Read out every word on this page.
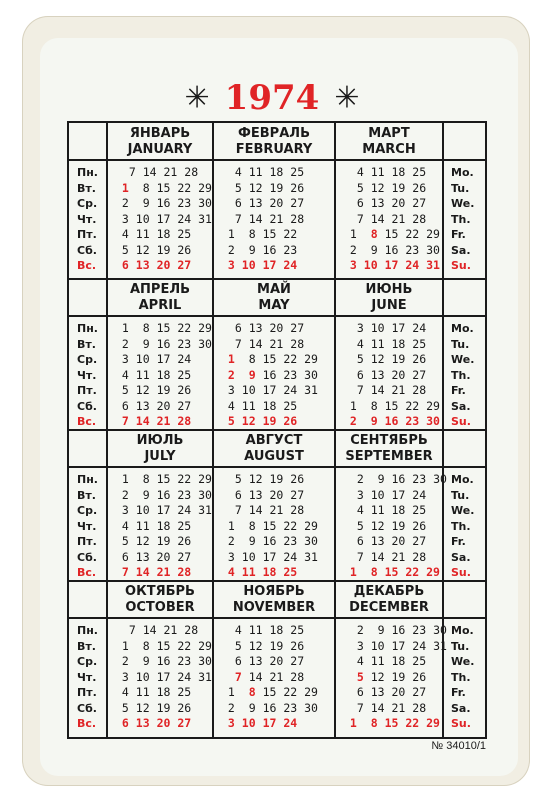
✳ 1974 ✳
Пн.
Вт.
Ср.
Чт.
Пт.
Сб.
Вс.
Mo.
Tu.
We.
Th.
Fr.
Sa.
Su.
ЯНВАРЬ
JANUARY
7 14 21 28
1  8 15 22 29
2  9 16 23 30
3 10 17 24 31
4 11 18 25
5 12 19 26
6 13 20 27
ФЕВРАЛЬ
FEBRUARY
4 11 18 25
5 12 19 26
6 13 20 27
7 14 21 28
1  8 15 22
2  9 16 23
3 10 17 24
МАРТ
MARCH
4 11 18 25
5 12 19 26
6 13 20 27
7 14 21 28
1  8 15 22 29
2  9 16 23 30
3 10 17 24 31
Пн.
Вт.
Ср.
Чт.
Пт.
Сб.
Вс.
Mo.
Tu.
We.
Th.
Fr.
Sa.
Su.
АПРЕЛЬ
APRIL
1  8 15 22 29
2  9 16 23 30
3 10 17 24
4 11 18 25
5 12 19 26
6 13 20 27
7 14 21 28
МАЙ
MAY
6 13 20 27
7 14 21 28
1  8 15 22 29
2  9 16 23 30
3 10 17 24 31
4 11 18 25
5 12 19 26
ИЮНЬ
JUNE
3 10 17 24
4 11 18 25
5 12 19 26
6 13 20 27
7 14 21 28
1  8 15 22 29
2  9 16 23 30
Пн.
Вт.
Ср.
Чт.
Пт.
Сб.
Вс.
Mo.
Tu.
We.
Th.
Fr.
Sa.
Su.
ИЮЛЬ
JULY
1  8 15 22 29
2  9 16 23 30
3 10 17 24 31
4 11 18 25
5 12 19 26
6 13 20 27
7 14 21 28
АВГУСТ
AUGUST
5 12 19 26
6 13 20 27
7 14 21 28
1  8 15 22 29
2  9 16 23 30
3 10 17 24 31
4 11 18 25
СЕНТЯБРЬ
SEPTEMBER
2  9 16 23 30
3 10 17 24
4 11 18 25
5 12 19 26
6 13 20 27
7 14 21 28
1  8 15 22 29
Пн.
Вт.
Ср.
Чт.
Пт.
Сб.
Вс.
Mo.
Tu.
We.
Th.
Fr.
Sa.
Su.
ОКТЯБРЬ
OCTOBER
7 14 21 28
1  8 15 22 29
2  9 16 23 30
3 10 17 24 31
4 11 18 25
5 12 19 26
6 13 20 27
НОЯБРЬ
NOVEMBER
4 11 18 25
5 12 19 26
6 13 20 27
7 14 21 28
1  8 15 22 29
2  9 16 23 30
3 10 17 24
ДЕКАБРЬ
DECEMBER
2  9 16 23 30
3 10 17 24 31
4 11 18 25
5 12 19 26
6 13 20 27
7 14 21 28
1  8 15 22 29
№ 34010/1
